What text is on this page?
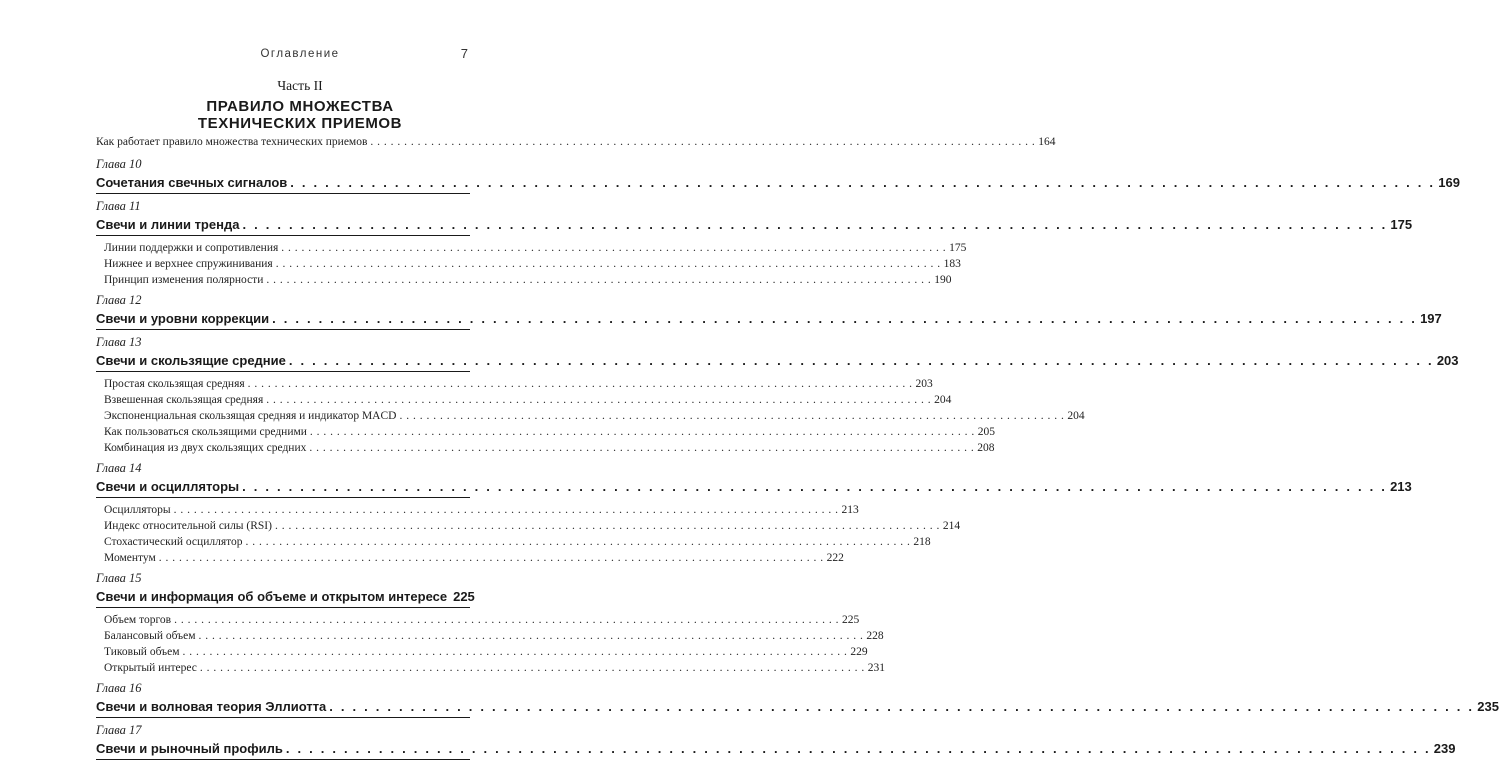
Оглавление	7
Часть II
ПРАВИЛО МНОЖЕСТВА
ТЕХНИЧЕСКИХ ПРИЕМОВ
Как работает правило множества технических приемов . . .	164
Глава 10
Сочетания свечных сигналов . . .	169
Глава 11
Свечи и линии тренда . . .	175
Линии поддержки и сопротивления . . .	175
Нижнее и верхнее спружинивания . . .	183
Принцип изменения полярности . . .	190
Глава 12
Свечи и уровни коррекции . . .	197
Глава 13
Свечи и скользящие средние . . .	203
Простая скользящая средняя . . .	203
Взвешенная скользящая средняя . . .	204
Экспоненциальная скользящая средняя и индикатор MACD . . .	204
Как пользоваться скользящими средними . . .	205
Комбинация из двух скользящих средних . . .	208
Глава 14
Свечи и осцилляторы . . .	213
Осцилляторы . . .	213
Индекс относительной силы (RSI) . . .	214
Стохастический осциллятор . . .	218
Моментум . . .	222
Глава 15
Свечи и информация об объеме и открытом интересе 225
Объем торгов . . .	225
Балансовый объем . . .	228
Тиковый объем . . .	229
Открытый интерес . . .	231
Глава 16
Свечи и волновая теория Эллиотта . . .	235
Глава 17
Свечи и рыночный профиль . . .	239
